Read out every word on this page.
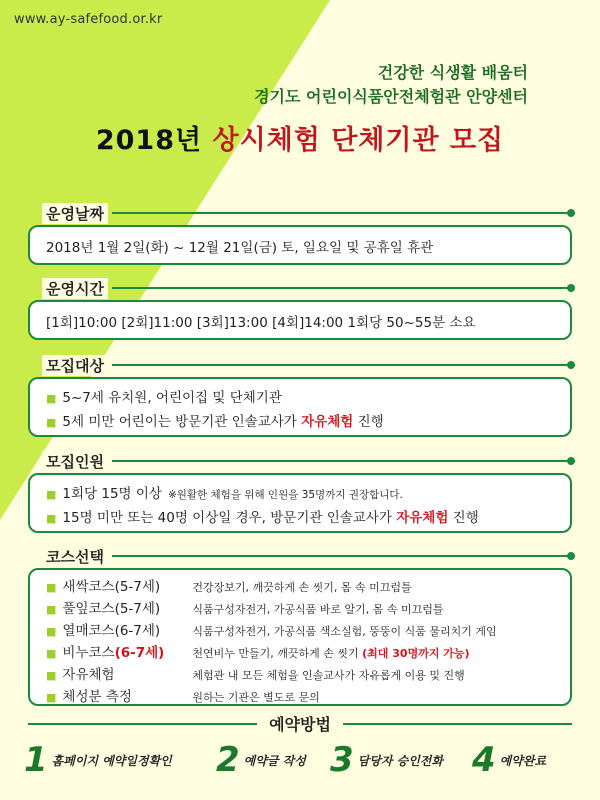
www.ay-safefood.or.kr
건강한 식생활 배움터
경기도 어린이식품안전체험관 안양센터
2018년 상시체험 단체기관 모집
운영날짜
2018년 1월 2일(화) ~ 12월 21일(금) 토, 일요일 및 공휴일 휴관
운영시간
[1회]10:00 [2회]11:00 [3회]13:00 [4회]14:00 1회당 50~55분 소요
모집대상
■ 5~7세 유치원, 어린이집 및 단체기관
■ 5세 미만 어린이는 방문기관 인솔교사가 자유체험 진행
모집인원
■ 1회당 15명 이상 ※원활한 체험을 위해 인원을 35명까지 권장합니다.
■ 15명 미만 또는 40명 이상일 경우, 방문기관 인솔교사가 자유체험 진행
코스선택
■ 새싹코스(5-7세)	건강장보기, 깨끗하게 손 씻기, 몸 속 미끄럼틀
■ 풀잎코스(5-7세)	식품구성자전거, 가공식품 바로 알기, 몸 속 미끄럼틀
■ 열매코스(6-7세)	식품구성자전거, 가공식품 색소실험, 뚱뚱이 식품 물리치기 게임
■ 비누코스(6-7세)	천연비누 만들기, 깨끗하게 손 씻기 (최대 30명까지 가능)
■ 자유체험	체험관 내 모든 체험을 인솔교사가 자유롭게 이용 및 진행
■ 체성분 측정	원하는 기관은 별도로 문의
예약방법
1 홈페이지 예약일정확인 2 예약글 작성 3 담당자 승인전화 4 예약완료
